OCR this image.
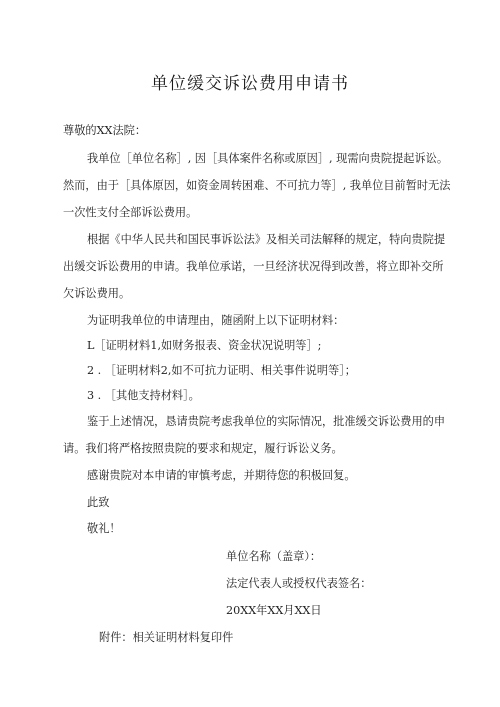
单位缓交诉讼费用申请书
尊敬的XX法院：
我单位［单位名称］, 因［具体案件名称或原因］, 现需向贵院提起诉讼。
然而，由于［具体原因，如资金周转困难、不可抗力等］, 我单位目前暂时无法
一次性支付全部诉讼费用。
根据《中华人民共和国民事诉讼法》及相关司法解释的规定，特向贵院提
出缓交诉讼费用的申请。我单位承诺，一旦经济状况得到改善，将立即补交所
欠诉讼费用。
为证明我单位的申请理由，随函附上以下证明材料：
L［证明材料1,如财务报表、资金状况说明等］;
2 . ［证明材料2,如不可抗力证明、相关事件说明等］；
3 . ［其他支持材料］。
鉴于上述情况，恳请贵院考虑我单位的实际情况，批准缓交诉讼费用的申
请。我们将严格按照贵院的要求和规定，履行诉讼义务。
感谢贵院对本申请的审慎考虑，并期待您的积极回复。
此致
敬礼！
单位名称（盖章）：
法定代表人或授权代表签名：
20XX年XX月XX日
附件：相关证明材料复印件
